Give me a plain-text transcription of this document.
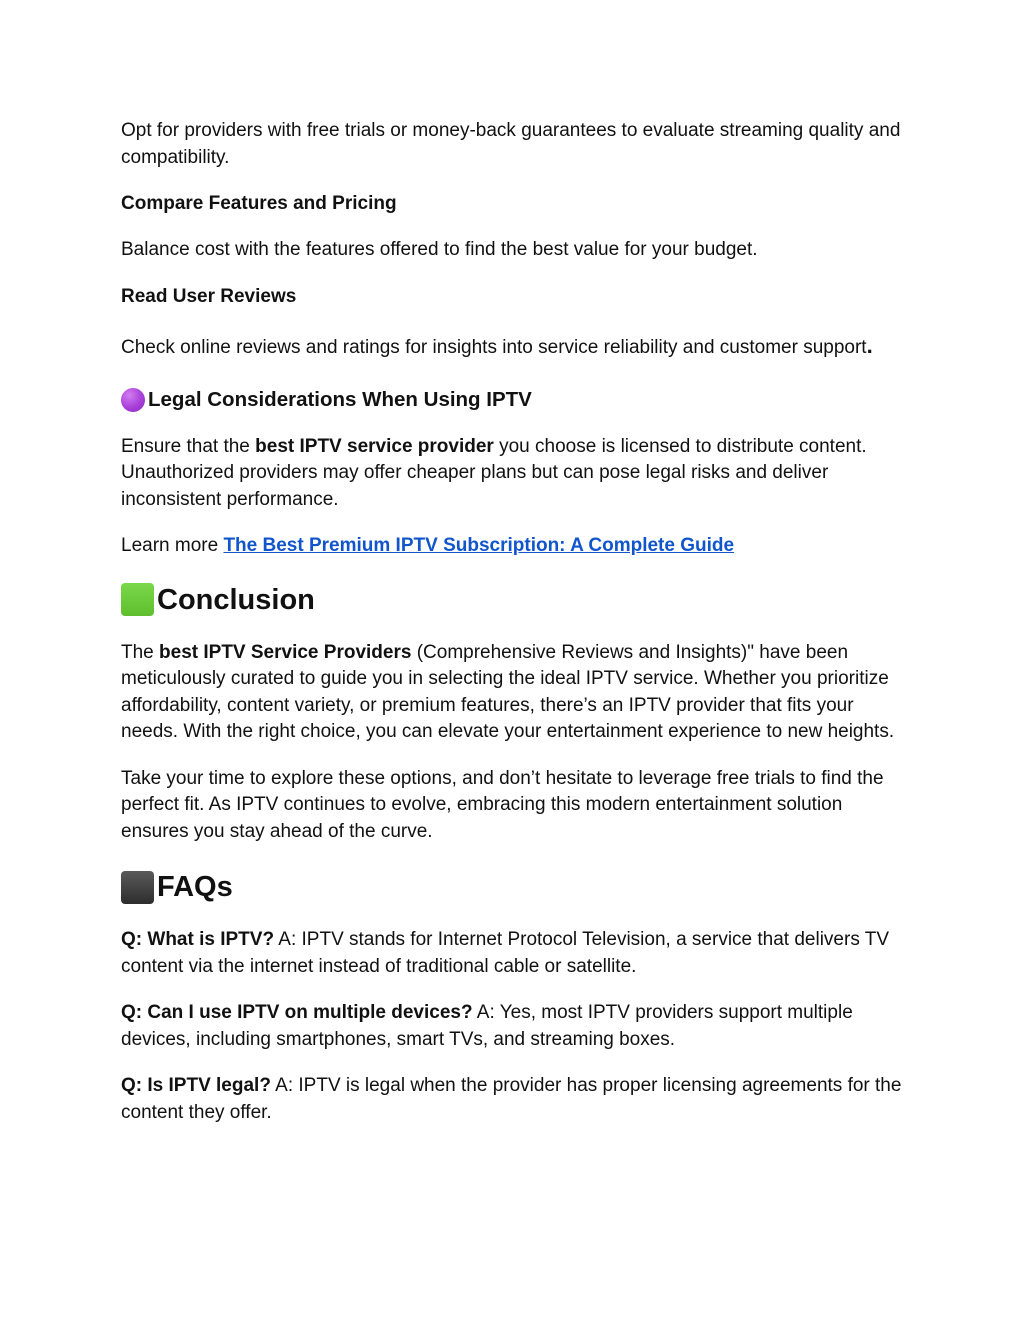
Opt for providers with free trials or money-back guarantees to evaluate streaming quality and compatibility.

Compare Features and Pricing

Balance cost with the features offered to find the best value for your budget.

Read User Reviews

Check online reviews and ratings for insights into service reliability and customer support.

Legal Considerations When Using IPTV

Ensure that the best IPTV service provider you choose is licensed to distribute content. Unauthorized providers may offer cheaper plans but can pose legal risks and deliver inconsistent performance.

Learn more The Best Premium IPTV Subscription: A Complete Guide

Conclusion

The best IPTV Service Providers (Comprehensive Reviews and Insights)" have been meticulously curated to guide you in selecting the ideal IPTV service. Whether you prioritize affordability, content variety, or premium features, there’s an IPTV provider that fits your needs. With the right choice, you can elevate your entertainment experience to new heights.

Take your time to explore these options, and don’t hesitate to leverage free trials to find the perfect fit. As IPTV continues to evolve, embracing this modern entertainment solution ensures you stay ahead of the curve.

FAQs

Q: What is IPTV? A: IPTV stands for Internet Protocol Television, a service that delivers TV content via the internet instead of traditional cable or satellite.

Q: Can I use IPTV on multiple devices? A: Yes, most IPTV providers support multiple devices, including smartphones, smart TVs, and streaming boxes.

Q: Is IPTV legal? A: IPTV is legal when the provider has proper licensing agreements for the content they offer.
